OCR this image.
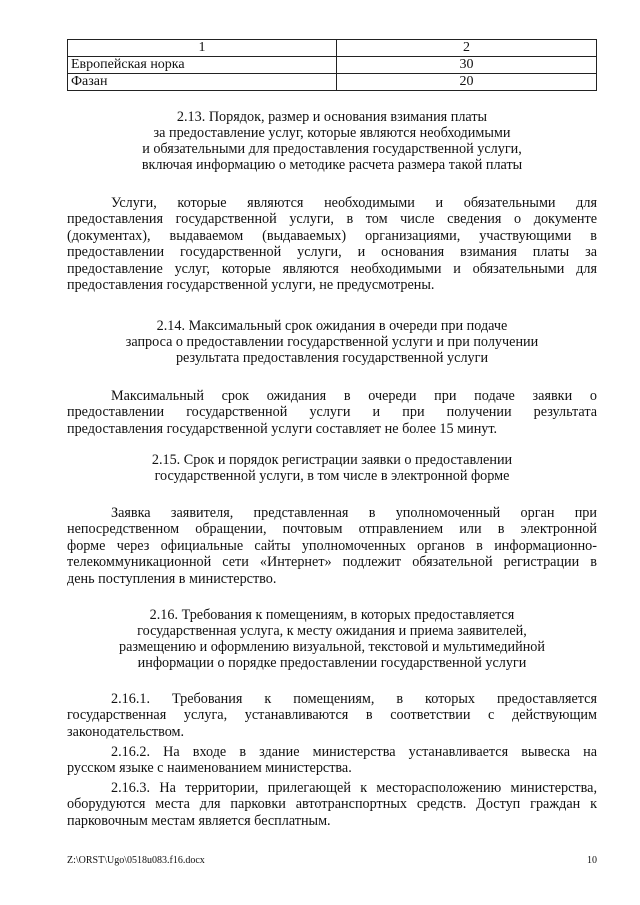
1	2
Европейская норка	30
Фазан	20
2.13. Порядок, размер и основания взимания платы
за предоставление услуг, которые являются необходимыми
и обязательными для предоставления государственной услуги,
включая информацию о методике расчета размера такой платы
Услуги, которые являются необходимыми и обязательными для
предоставления государственной услуги, в том числе сведения о документе
(документах), выдаваемом (выдаваемых) организациями, участвующими в
предоставлении государственной услуги, и основания взимания платы за
предоставление услуг, которые являются необходимыми и обязательными для
предоставления государственной услуги, не предусмотрены.
2.14. Максимальный срок ожидания в очереди при подаче
запроса о предоставлении государственной услуги и при получении
результата предоставления государственной услуги
Максимальный срок ожидания в очереди при подаче заявки о
предоставлении государственной услуги и при получении результата
предоставления государственной услуги составляет не более 15 минут.
2.15. Срок и порядок регистрации заявки о предоставлении
государственной услуги, в том числе в электронной форме
Заявка заявителя, представленная в уполномоченный орган при
непосредственном обращении, почтовым отправлением или в электронной
форме через официальные сайты уполномоченных органов в информационно-
телекоммуникационной сети «Интернет» подлежит обязательной регистрации в
день поступления в министерство.
2.16. Требования к помещениям, в которых предоставляется
государственная услуга, к месту ожидания и приема заявителей,
размещению и оформлению визуальной, текстовой и мультимедийной
информации о порядке предоставлении государственной услуги
2.16.1. Требования к помещениям, в которых предоставляется
государственная услуга, устанавливаются в соответствии с действующим
законодательством.
2.16.2. На входе в здание министерства устанавливается вывеска на
русском языке с наименованием министерства.
2.16.3. На территории, прилегающей к месторасположению министерства,
оборудуются места для парковки автотранспортных средств. Доступ граждан к
парковочным местам является бесплатным.
Z:\ORST\Ugo\0518u083.f16.docx	10
